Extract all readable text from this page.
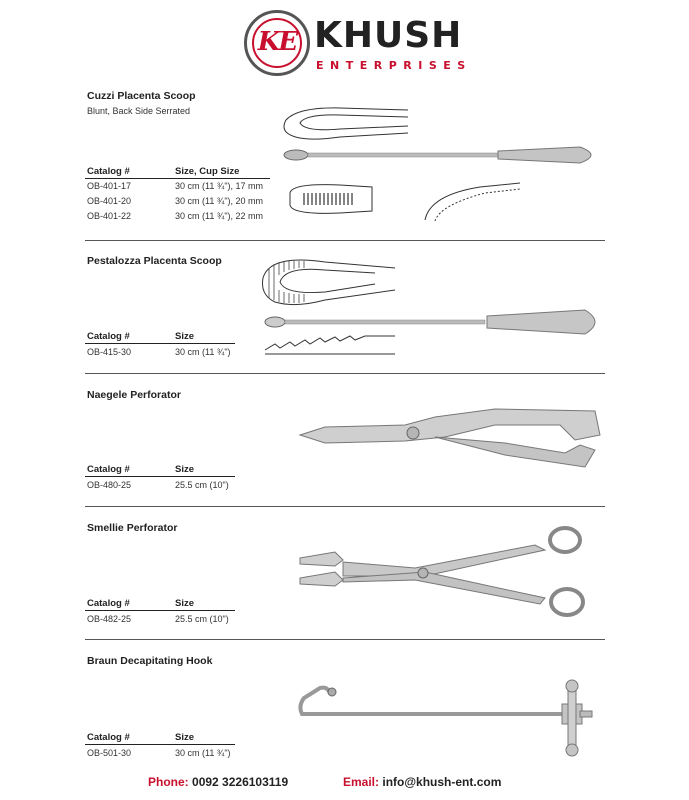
KE KHUSH
ENTERPRISES
Cuzzi Placenta Scoop
Blunt, Back Side Serrated
Catalog #	Size, Cup Size
OB-401-17	30 cm (11 ¾"), 17 mm
OB-401-20	30 cm (11 ¾"), 20 mm
OB-401-22	30 cm (11 ¾"), 22 mm
Pestalozza Placenta Scoop
Catalog #	Size
OB-415-30	30 cm (11 ¾")
Naegele Perforator
Catalog #	Size
OB-480-25	25.5 cm (10")
Smellie Perforator
Catalog #	Size
OB-482-25	25.5 cm (10")
Braun Decapitating Hook
Catalog #	Size
OB-501-30	30 cm (11 ¾")
Phone: 0092 3226103119	Email: info@khush-ent.com
